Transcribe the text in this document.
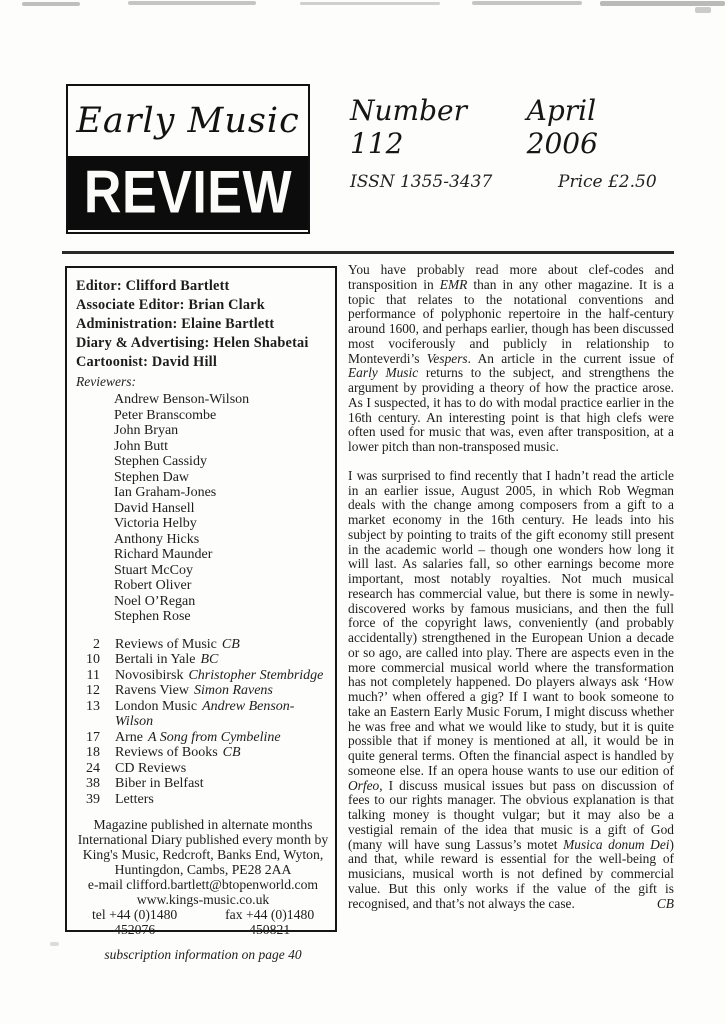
Early Music
REVIEW
Number 112
April 2006
ISSN 1355-3437	Price £2.50
Editor: Clifford Bartlett
Associate Editor: Brian Clark
Administration: Elaine Bartlett
Diary & Advertising: Helen Shabetai
Cartoonist: David Hill
Reviewers:
Andrew Benson-Wilson
Peter Branscombe
John Bryan
John Butt
Stephen Cassidy
Stephen Daw
Ian Graham-Jones
David Hansell
Victoria Helby
Anthony Hicks
Richard Maunder
Stuart McCoy
Robert Oliver
Noel O’Regan
Stephen Rose
2 Reviews of Music CB
10 Bertali in Yale BC
11 Novosibirsk Christopher Stembridge
12 Ravens View Simon Ravens
13 London Music Andrew Benson-Wilson
17 Arne A Song from Cymbeline
18 Reviews of Books CB
24 CD Reviews
38 Biber in Belfast
39 Letters
Magazine published in alternate months
International Diary published every month by
King's Music, Redcroft, Banks End, Wyton,
Huntingdon, Cambs, PE28 2AA
e-mail clifford.bartlett@btopenworld.com
www.kings-music.co.uk
tel +44 (0)1480 452076
fax +44 (0)1480 450821
subscription information on page 40

You have probably read more about clef-codes and transposition in EMR than in any other magazine. It is a topic that relates to the notational conventions and performance of polyphonic repertoire in the half-century around 1600, and perhaps earlier, though has been discussed most vociferously and publicly in relationship to Monteverdi’s Vespers. An article in the current issue of Early Music returns to the subject, and strengthens the argument by providing a theory of how the practice arose. As I suspected, it has to do with modal practice earlier in the 16th century. An interesting point is that high clefs were often used for music that was, even after transposition, at a lower pitch than non-transposed music.

I was surprised to find recently that I hadn’t read the article in an earlier issue, August 2005, in which Rob Wegman deals with the change among composers from a gift to a market economy in the 16th century. He leads into his subject by pointing to traits of the gift economy still present in the academic world – though one wonders how long it will last. As salaries fall, so other earnings become more important, most notably royalties. Not much musical research has commercial value, but there is some in newly-discovered works by famous musicians, and then the full force of the copyright laws, conveniently (and probably accidentally) strengthened in the European Union a decade or so ago, are called into play. There are aspects even in the more commercial musical world where the transformation has not completely happened. Do players always ask ‘How much?’ when offered a gig? If I want to book someone to take an Eastern Early Music Forum, I might discuss whether he was free and what we would like to study, but it is quite possible that if money is mentioned at all, it would be in quite general terms. Often the financial aspect is handled by someone else. If an opera house wants to use our edition of Orfeo, I discuss musical issues but pass on discussion of fees to our rights manager. The obvious explanation is that talking money is thought vulgar; but it may also be a vestigial remain of the idea that music is a gift of God (many will have sung Lassus’s motet Musica donum Dei) and that, while reward is essential for the well-being of musicians, musical worth is not defined by commercial value. But this only works if the value of the gift is recognised, and that’s not always the case.	CB
